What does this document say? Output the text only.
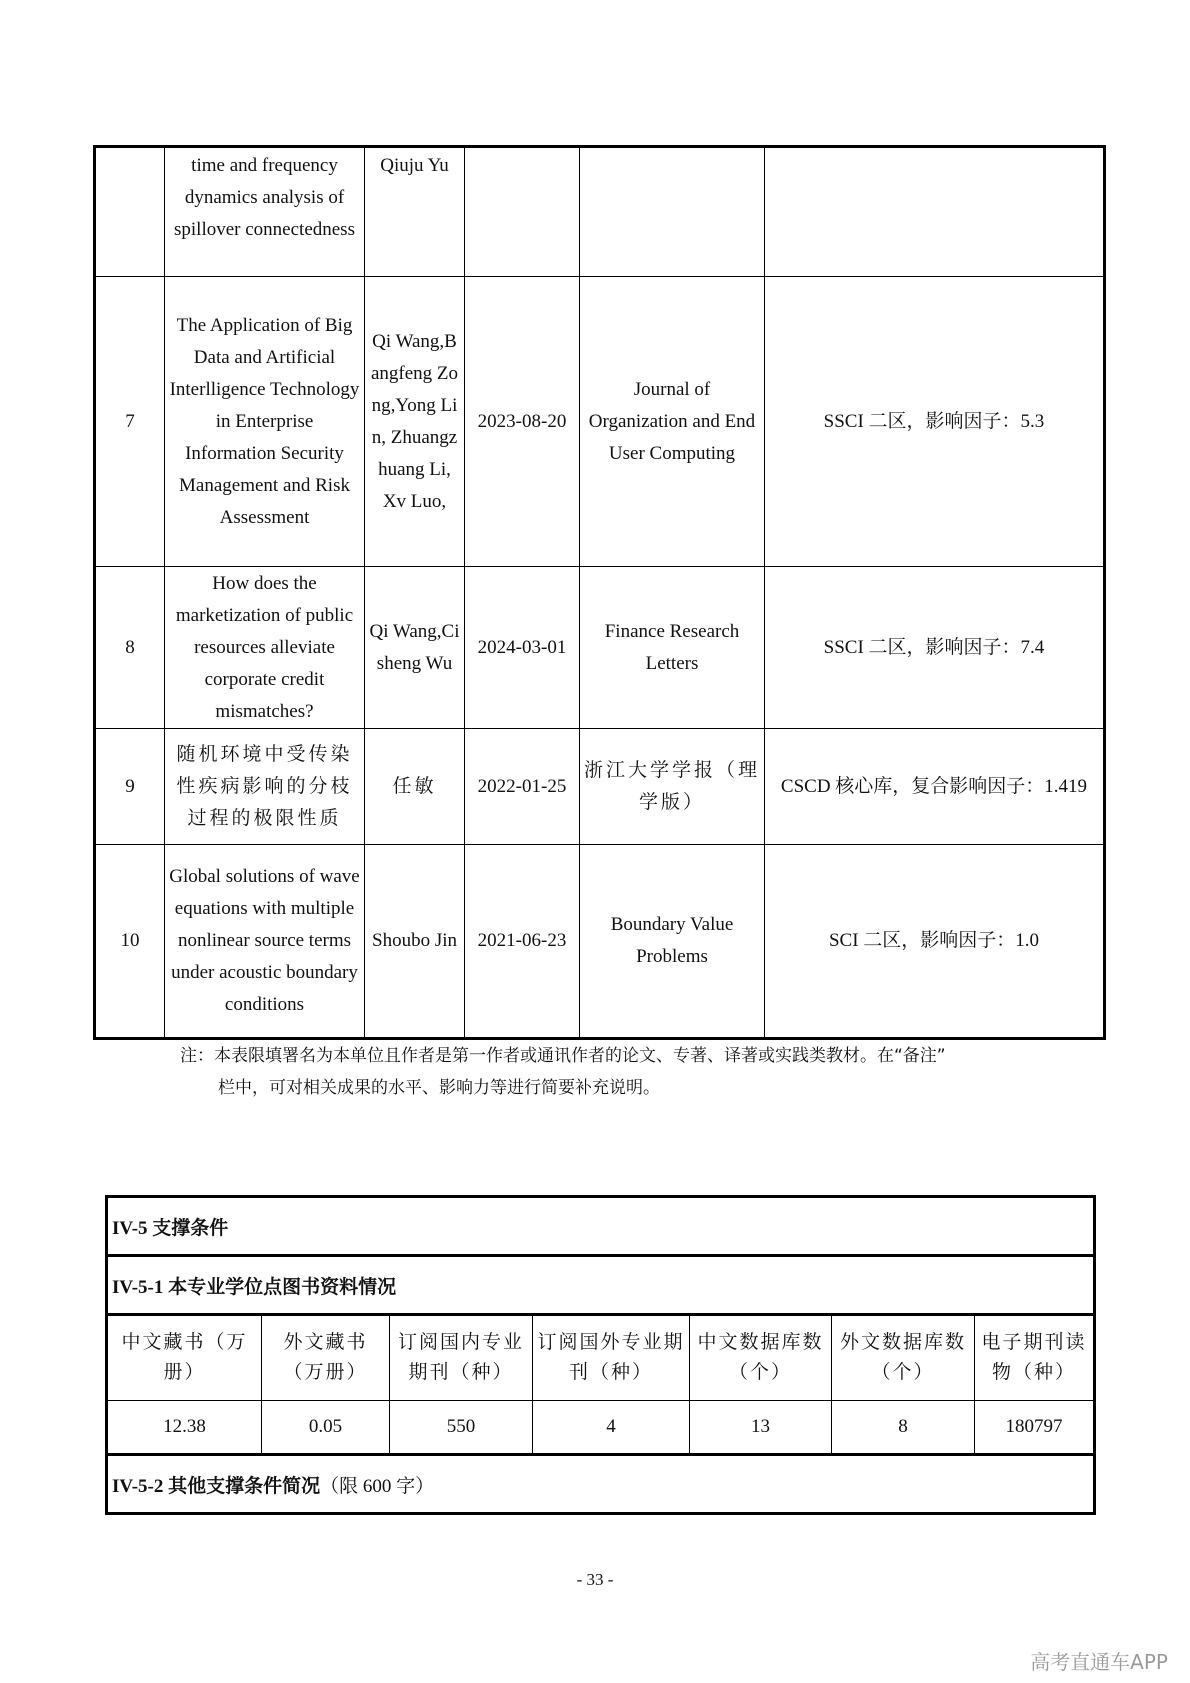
	time and frequency dynamics analysis of spillover connectedness	Qiuju Yu			
7	The Application of Big Data and Artificial Interlligence Technology in Enterprise Information Security Management and Risk Assessment	Qi Wang,Bangfeng Zong,Yong Lin, Zhuangzhuang Li, Xv Luo,	2023-08-20	Journal of Organization and End User Computing	SSCI 二区，影响因子：5.3
8	How does the marketization of public resources alleviate corporate credit mismatches?	Qi Wang,Cisheng Wu	2024-03-01	Finance Research Letters	SSCI 二区，影响因子：7.4
9	随机环境中受传染性疾病影响的分枝过程的极限性质	任敏	2022-01-25	浙江大学学报（理学版）	CSCD 核心库，复合影响因子：1.419
10	Global solutions of wave equations with multiple nonlinear source terms under acoustic boundary conditions	Shoubo Jin	2021-06-23	Boundary Value Problems	SCI 二区，影响因子：1.0
注：本表限填署名为本单位且作者是第一作者或通讯作者的论文、专著、译著或实践类教材。在“备注”
栏中，可对相关成果的水平、影响力等进行简要补充说明。
IV-5 支撑条件						
IV-5-1 本专业学位点图书资料情况						
中文藏书（万册）	外文藏书（万册）	订阅国内专业期刊（种）	订阅国外专业期刊（种）	中文数据库数（个）	外文数据库数（个）	电子期刊读物（种）
12.38	0.05	550	4	13	8	180797
IV-5-2 其他支撑条件简况（限 600 字）						
- 33 -
高考直通车APP
